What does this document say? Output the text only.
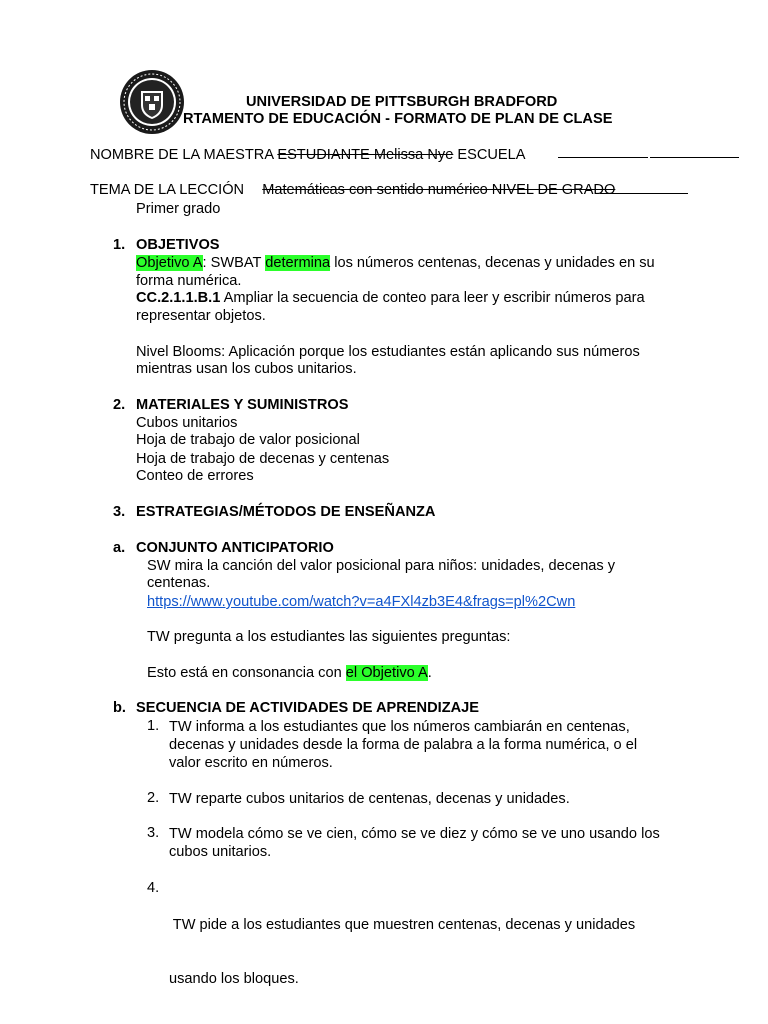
UNIVERSIDAD DE PITTSBURGH BRADFORD
RTAMENTO DE EDUCACIÓN - FORMATO DE PLAN DE CLASE
NOMBRE DE LA MAESTRA ESTUDIANTE Melissa Nye ESCUELA
TEMA DE LA LECCIÓN Matemáticas con sentido numérico NIVEL DE GRADO
Primer grado
1. OBJETIVOS
Objetivo A: SWBAT determina los números centenas, decenas y unidades en su
forma numérica.
CC.2.1.1.B.1 Ampliar la secuencia de conteo para leer y escribir números para
representar objetos.
Nivel Blooms: Aplicación porque los estudiantes están aplicando sus números
mientras usan los cubos unitarios.
2. MATERIALES Y SUMINISTROS
Cubos unitarios
Hoja de trabajo de valor posicional
Hoja de trabajo de decenas y centenas
Conteo de errores
3. ESTRATEGIAS/MÉTODOS DE ENSEÑANZA
a. CONJUNTO ANTICIPATORIO
SW mira la canción del valor posicional para niños: unidades, decenas y
centenas.
https://www.youtube.com/watch?v=a4FXl4zb3E4&frags=pl%2Cwn
TW pregunta a los estudiantes las siguientes preguntas:
Esto está en consonancia con el Objetivo A.
b. SECUENCIA DE ACTIVIDADES DE APRENDIZAJE
1. TW informa a los estudiantes que los números cambiarán en centenas,
decenas y unidades desde la forma de palabra a la forma numérica, o el
valor escrito en números.
2. TW reparte cubos unitarios de centenas, decenas y unidades.
3. TW modela cómo se ve cien, cómo se ve diez y cómo se ve uno usando los
cubos unitarios.
4.

TW pide a los estudiantes que muestren centenas, decenas y unidades

usando los bloques.
